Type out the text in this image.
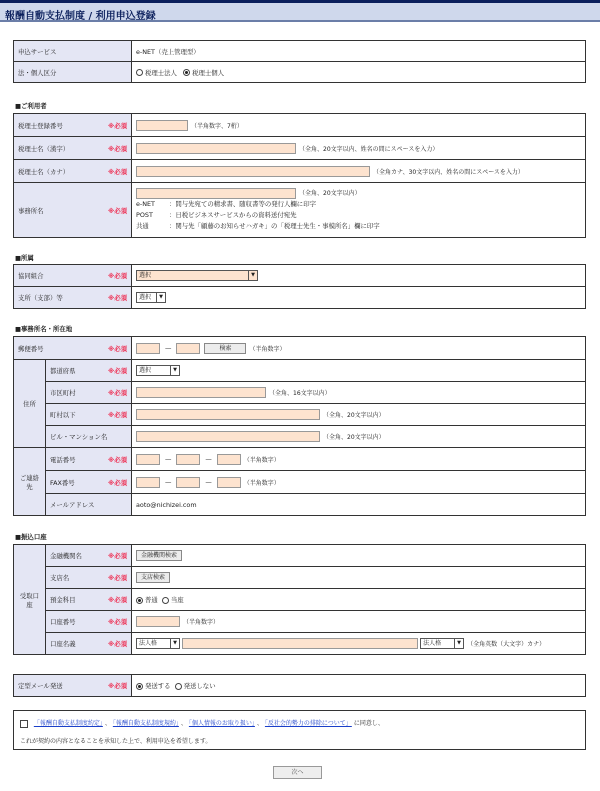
報酬自動支払制度 / 利用申込登録
申込サービス	e-NET（売上管理型）
法・個人区分	税理士法人 税理士個人
■ご利用者
税理士登録番号 ※必須	（半角数字、7桁）
税理士名（漢字） ※必須	（全角、20文字以内、姓名の間にスペースを入力）
税理士名（カナ） ※必須	（全角カナ、30文字以内、姓名の間にスペースを入力）
事務所名 ※必須	（全角、20文字以内）
e-NET ：間与先宛ての精求書、随収書等の発行人欄に印字
POST ：日税ビジネスサービスからの資料送付宛先
共通 ：関与先「顧藤のお知らせハガキ」の「税理士先生・事模所名」欄に印字
■所属
協同組合 ※必須	選択 ▼

支所（支部）等 ※必須	選択 ▼
■事務所名・所在地
郵便番号 ※必須		— 検索 （半角数字）
住所	都道府県 ※必須	選択 ▼

	市区町村 ※必須	（全角、16文字以内）
	町村以下 ※必須	（全角、20文字以内）
	ビル・マンション名	（全角、20文字以内）
ご連絡先	電話番号 ※必須	— — （半角数字）
	FAX番号 ※必須	— — （半角数字）
	メールアドレス	aoto@nichizei.com
■振込口座
受取口座	金融機関名 ※必須	金融機関検索
	支店名 ※必須	支店検索
	預金科目 ※必須	普通 当座
	口座番号 ※必須	（半角数字）
	口座名義 ※必須	法人格 ▼ 法人格 ▼ （全角英数（大文字）カナ）
定型メール発送	※必須	発送する 発送しない
「報酬自動支払制度約定」 、 「報酬自動支払制度規約」 、 「個人情報のお取り扱い」 、 「反社会的勢力の排除について」 に同意し、
これが契約の内容となることを承知した上で、利用申込を希望します。
次へ
